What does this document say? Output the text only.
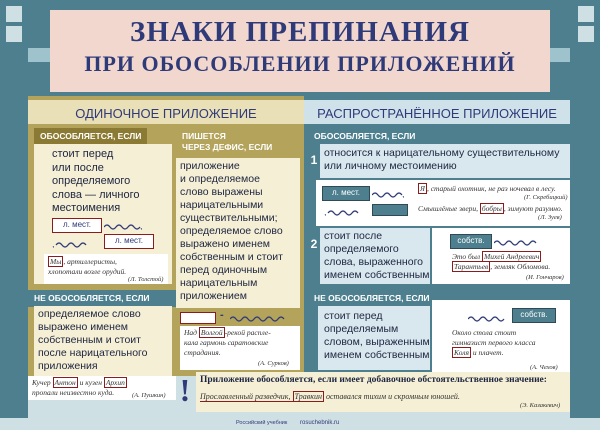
ЗНАКИ ПРЕПИНАНИЯ
ПРИ ОБОСОБЛЕНИИ ПРИЛОЖЕНИЙ
ОДИНОЧНОЕ ПРИЛОЖЕНИЕ	РАСПРОСТРАНЁННОЕ ПРИЛОЖЕНИЕ
ОБОСОБЛЯЕТСЯ, ЕСЛИ
стоит перед
или после
определяемого
слова — личного
местоимения
л. мест.	,
,	л. мест.
Мы , артиллеристы,
хлопотали возле орудий.
(Л. Толстой)
НЕ ОБОСОБЛЯЕТСЯ, ЕСЛИ
определяемое слово
выражено именем
собственным и стоит
после нарицательного
приложения
Кучер Антон и кузен Архип
пропали неизвестно куда.	(А. Пушкин)
ПИШЕТСЯ
ЧЕРЕЗ ДЕФИС, ЕСЛИ
приложение
и определяемое
слово выражены
нарицательными
существительными;
определяемое слово
выражено именем
собственным и стоит
перед одиночным
нарицательным
приложением
-
Над Волгой -рекой распле-
кала гармонь саратовские
страдания.
(А. Сурков)
ОБОСОБЛЯЕТСЯ, ЕСЛИ
1 относится к нарицательному существительному
или личному местоимению
л. мест.	,
,
Я , старый охотник, не раз ночевал в лесу.
(Г. Скребицкий)
Смышлёные звери, бобры , зимуют разумно.
(Л. Зуев)
2
стоит после
определяемого
слова, выраженного
именем собственным
собств.
Это был Михей Андреевич
Тарантьев , земляк Обломова.
(И. Гончаров)
НЕ ОБОСОБЛЯЕТСЯ, ЕСЛИ
стоит перед
определяемым
словом, выраженным
именем собственным
собств.
Около стола стоит
гимназист первого класса
Коля и плачет.
(А. Чехов)
!	Приложение обособляется, если имеет добавочное обстоятельственное значение:
Прославленный разведчик, Травкин оставался тихим и скромным юношей.
(Э. Казакевич)
rosuchebnik.ru
Российский учебник
